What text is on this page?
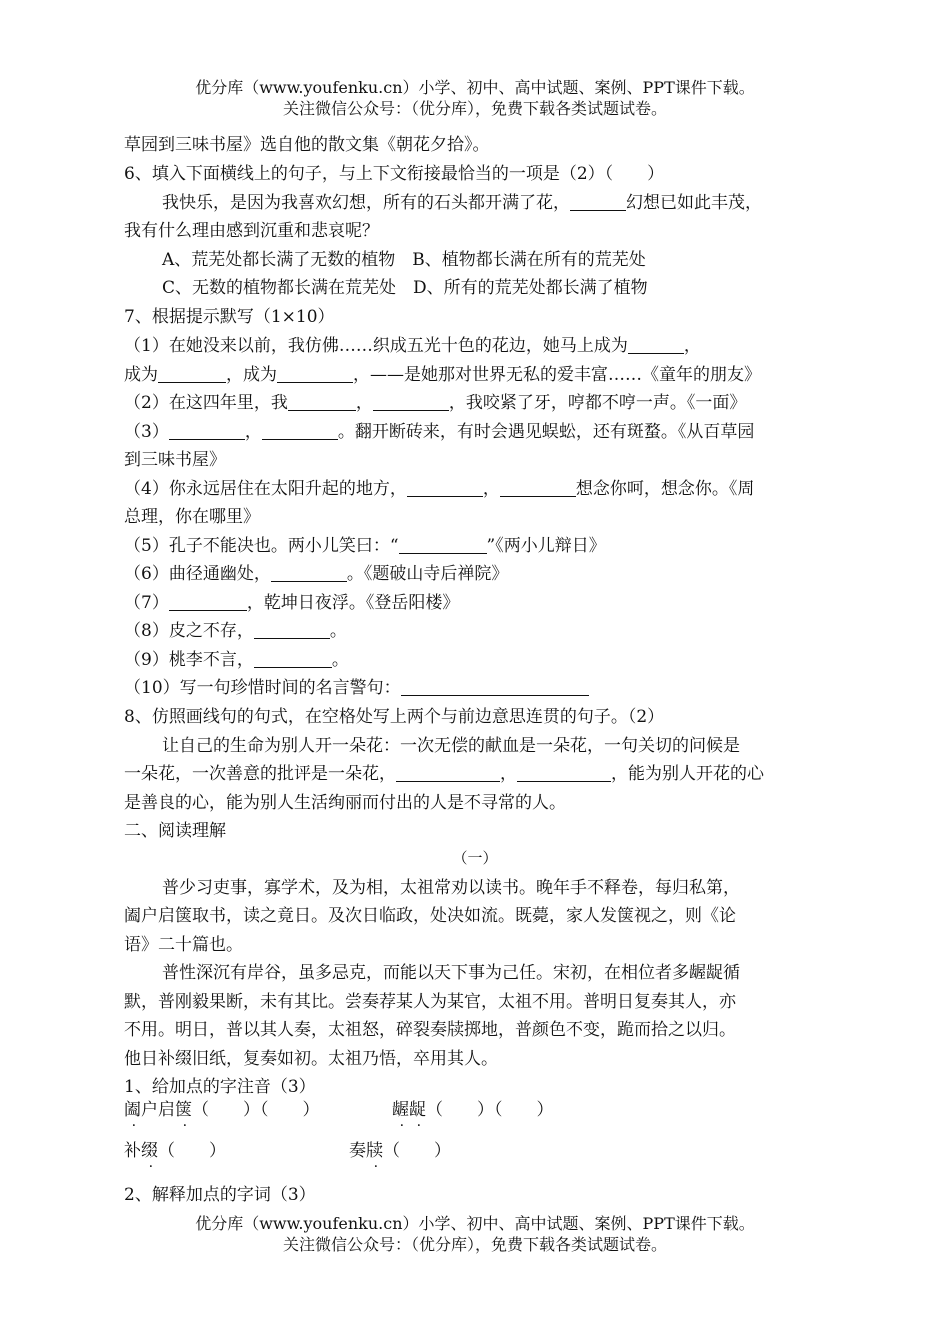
优分库（www.youfenku.cn）小学、初中、高中试题、案例、PPT课件下载。
关注微信公众号：（优分库），免费下载各类试题试卷。
草园到三味书屋》选自他的散文集《朝花夕拾》。
6、填入下面横线上的句子，与上下文衔接最恰当的一项是（2）（　　）
我快乐，是因为我喜欢幻想，所有的石头都开满了花，	幻想已如此丰茂，
我有什么理由感到沉重和悲哀呢？
A、荒芜处都长满了无数的植物　B、植物都长满在所有的荒芜处
C、无数的植物都长满在荒芜处　D、所有的荒芜处都长满了植物
7、根据提示默写（1×10）
（1）在她没来以前，我仿佛……织成五光十色的花边，她马上成为	，
成为	，成为	，——是她那对世界无私的爱丰富……《童年的朋友》
（2）在这四年里，我	，	，我咬紧了牙，哼都不哼一声。《一面》
（3）	，	。翻开断砖来，有时会遇见蜈蚣，还有斑蝥。《从百草园
到三味书屋》
（4）你永远居住在太阳升起的地方，	，	想念你呵，想念你。《周
总理，你在哪里》
（5）孔子不能决也。两小儿笑曰：“	”《两小儿辩日》
（6）曲径通幽处，	。《题破山寺后禅院》
（7）	，乾坤日夜浮。《登岳阳楼》
（8）皮之不存，	。
（9）桃李不言，	。
（10）写一句珍惜时间的名言警句：
8、仿照画线句的句式，在空格处写上两个与前边意思连贯的句子。（2）
让自己的生命为别人开一朵花：一次无偿的献血是一朵花，一句关切的问候是
一朵花，一次善意的批评是一朵花，	，	，能为别人开花的心
是善良的心，能为别人生活绚丽而付出的人是不寻常的人。
二、阅读理解
（一）
普少习吏事，寡学术，及为相，太祖常劝以读书。晚年手不释卷，每归私第，
阖户启箧取书，读之竟日。及次日临政，处决如流。既薨，家人发箧视之，则《论
语》二十篇也。
普性深沉有岸谷，虽多忌克，而能以天下事为己任。宋初，在相位者多龌龊循
默，普刚毅果断，未有其比。尝奏荐某人为某官，太祖不用。普明日复奏其人，亦
不用。明日，普以其人奏，太祖怒，碎裂奏牍掷地，普颜色不变，跪而拾之以归。
他日补缀旧纸，复奏如初。太祖乃悟，卒用其人。
1、给加点的字注音（3）
阖户启箧（　　）（　　）	龌龊（　　）（　　）
补缀（　　）	奏牍（　　）
2、解释加点的字词（3）
优分库（www.youfenku.cn）小学、初中、高中试题、案例、PPT课件下载。
关注微信公众号：（优分库），免费下载各类试题试卷。
